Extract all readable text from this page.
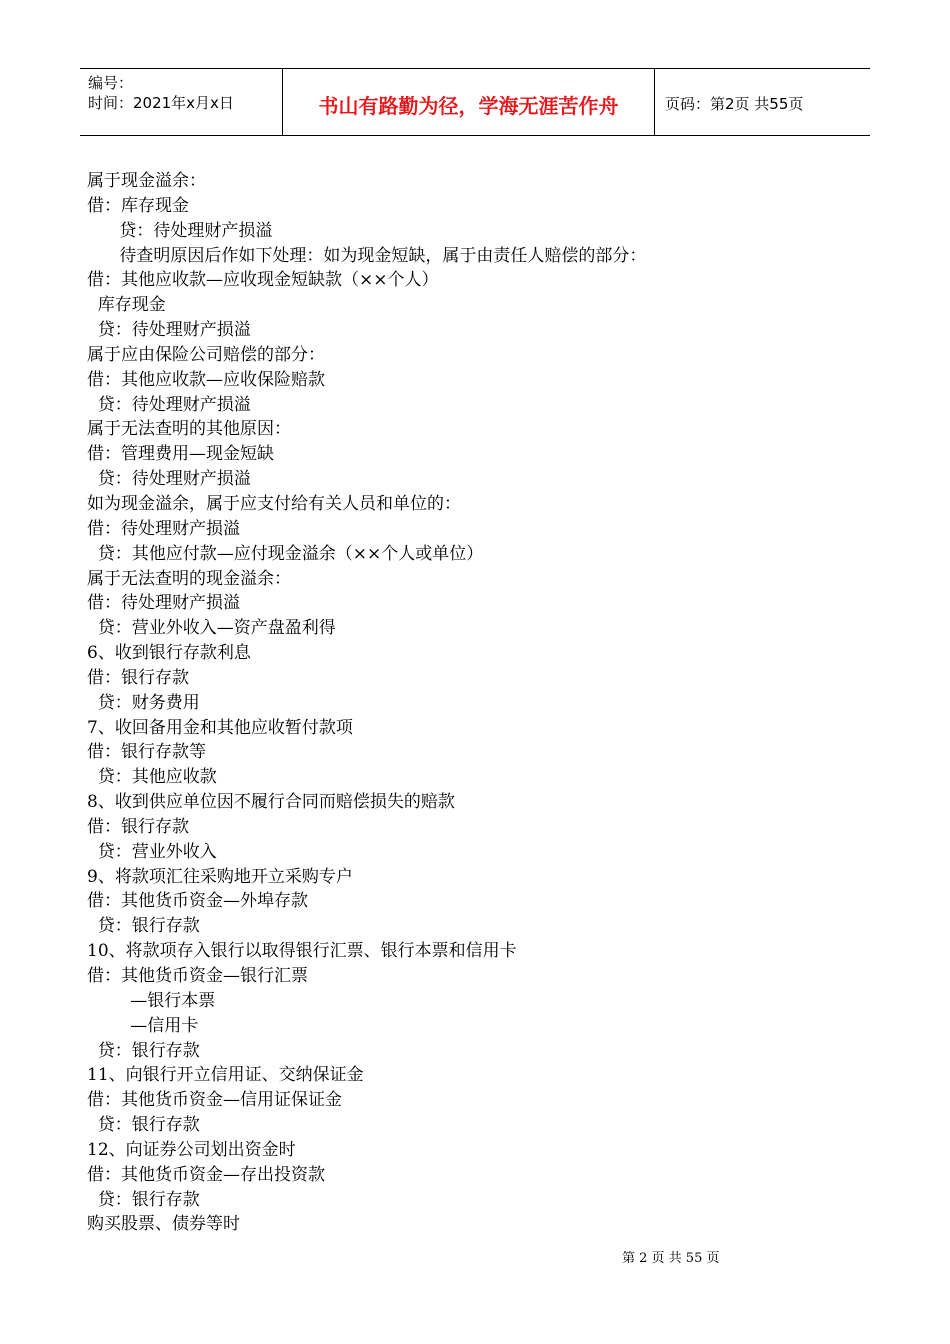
编号：
时间：2021年x月x日	书山有路勤为径，学海无涯苦作舟	页码：第2页 共55页
属于现金溢余：
借：库存现金
贷：待处理财产损溢
待查明原因后作如下处理：如为现金短缺，属于由责任人赔偿的部分：
借：其他应收款—应收现金短缺款（××个人）
库存现金
贷：待处理财产损溢
属于应由保险公司赔偿的部分：
借：其他应收款—应收保险赔款
贷：待处理财产损溢
属于无法查明的其他原因：
借：管理费用—现金短缺
贷：待处理财产损溢
如为现金溢余，属于应支付给有关人员和单位的：
借：待处理财产损溢
贷：其他应付款—应付现金溢余（××个人或单位）
属于无法查明的现金溢余：
借：待处理财产损溢
贷：营业外收入—资产盘盈利得
6、收到银行存款利息
借：银行存款
贷：财务费用
7、收回备用金和其他应收暂付款项
借：银行存款等
贷：其他应收款
8、收到供应单位因不履行合同而赔偿损失的赔款
借：银行存款
贷：营业外收入
9、将款项汇往采购地开立采购专户
借：其他货币资金—外埠存款
贷：银行存款
10、将款项存入银行以取得银行汇票、银行本票和信用卡
借：其他货币资金—银行汇票
—银行本票
—信用卡
贷：银行存款
11、向银行开立信用证、交纳保证金
借：其他货币资金—信用证保证金
贷：银行存款
12、向证券公司划出资金时
借：其他货币资金—存出投资款
贷：银行存款
购买股票、债券等时
第 2 页 共 55 页
